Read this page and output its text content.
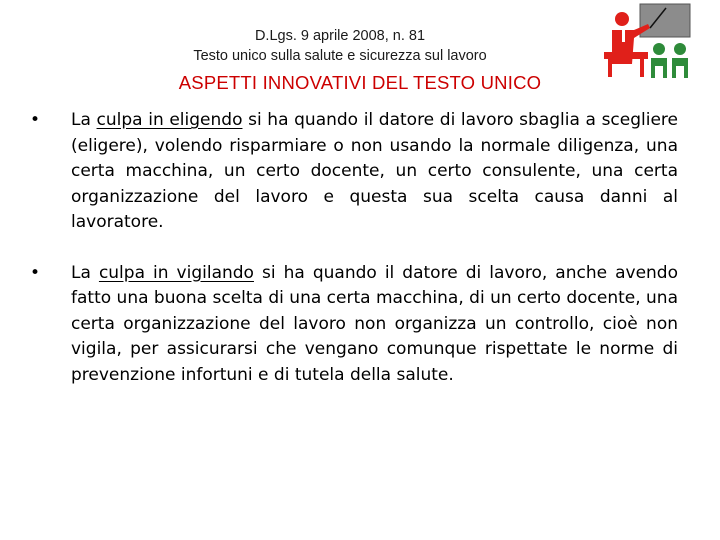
D.Lgs. 9 aprile 2008, n. 81
Testo unico sulla salute e sicurezza sul lavoro
ASPETTI INNOVATIVI DEL TESTO UNICO
• La culpa in eligendo si ha quando il datore di lavoro sbaglia a scegliere (eligere), volendo risparmiare o non usando la normale diligenza, una certa macchina, un certo docente, un certo consulente, una certa organizzazione del lavoro e questa sua scelta causa danni al lavoratore.
• La culpa in vigilando si ha quando il datore di lavoro, anche avendo fatto una buona scelta di una certa macchina, di un certo docente, una certa organizzazione del lavoro non organizza un controllo, cioè non vigila, per assicurarsi che vengano comunque rispettate le norme di prevenzione infortuni e di tutela della salute.
